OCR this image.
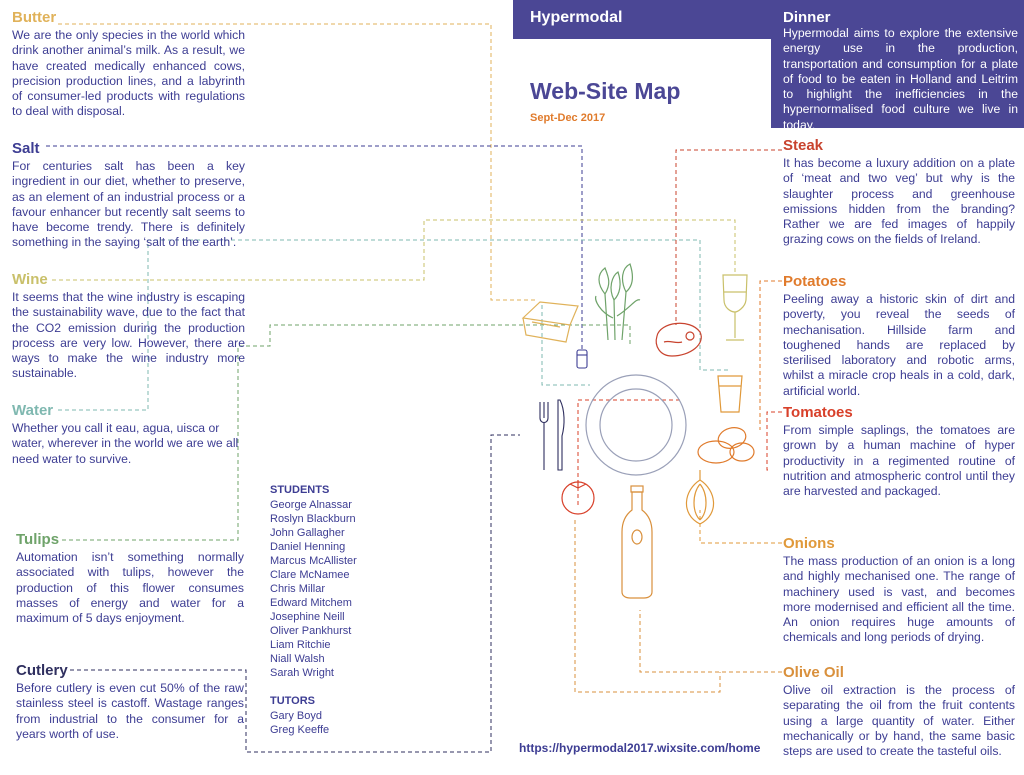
Hypermodal	Dinner

Hypermodal aims to explore the extensive energy use in the production, transportation and consumption for a plate of food to be eaten in Holland and Leitrim to highlight the inefficiencies in the hypernormalised food culture we live in today.

Web-Site Map
Sept-Dec 2017
Butter

We are the only species in the world which drink another animal’s milk. As a result, we have created medically enhanced cows, precision production lines, and a labyrinth of consumer-led products with regulations to deal with disposal.

Salt

For centuries salt has been a key ingredient in our diet, whether to preserve, as an element of an industrial process or a favour enhancer but recently salt seems to have become trendy. There is definitely something in the saying ‘salt of the earth’.

Wine

It seems that the wine industry is escaping the sustainability wave, due to the fact that the CO2 emission during the production process are very low. However, there are ways to make the wine industry more sustainable.

Water

Whether you call it eau, agua, uisca or water, wherever in the world we are we all need water to survive.

Tulips

Automation isn’t something normally associated with tulips, however the production of this flower consumes masses of energy and water for a maximum of 5 days enjoyment.

Cutlery

Before cutlery is even cut 50% of the raw stainless steel is castoff. Wastage ranges from industrial to the consumer for a years worth of use.

Steak

It has become a luxury addition on a plate of ‘meat and two veg’ but why is the slaughter process and greenhouse emissions hidden from the branding? Rather we are fed images of happily grazing cows on the fields of Ireland.

Potatoes

Peeling away a historic skin of dirt and poverty, you reveal the seeds of mechanisation. Hillside farm and toughened hands are replaced by sterilised laboratory and robotic arms, whilst a miracle crop heals in a cold, dark, artificial world.

Tomatoes

From simple saplings, the tomatoes are grown by a human machine of hyper productivity in a regimented routine of nutrition and atmospheric control until they are harvested and packaged.

Onions

The mass production of an onion is a long and highly mechanised one. The range of machinery used is vast, and becomes more modernised and efficient all the time. An onion requires huge amounts of chemicals and long periods of drying.

Olive Oil

Olive oil extraction is the process of separating the oil from the fruit contents using a large quantity of water. Either mechanically or by hand, the same basic steps are used to create the tasteful oils.

STUDENTS
George Alnassar
Roslyn Blackburn
John Gallagher
Daniel Henning
Marcus McAllister
Clare McNamee
Chris Millar
Edward Mitchem
Josephine Neill
Oliver Pankhurst
Liam Ritchie
Niall Walsh
Sarah Wright
TUTORS
Gary Boyd
Greg Keeffe
https://hypermodal2017.wixsite.com/home
